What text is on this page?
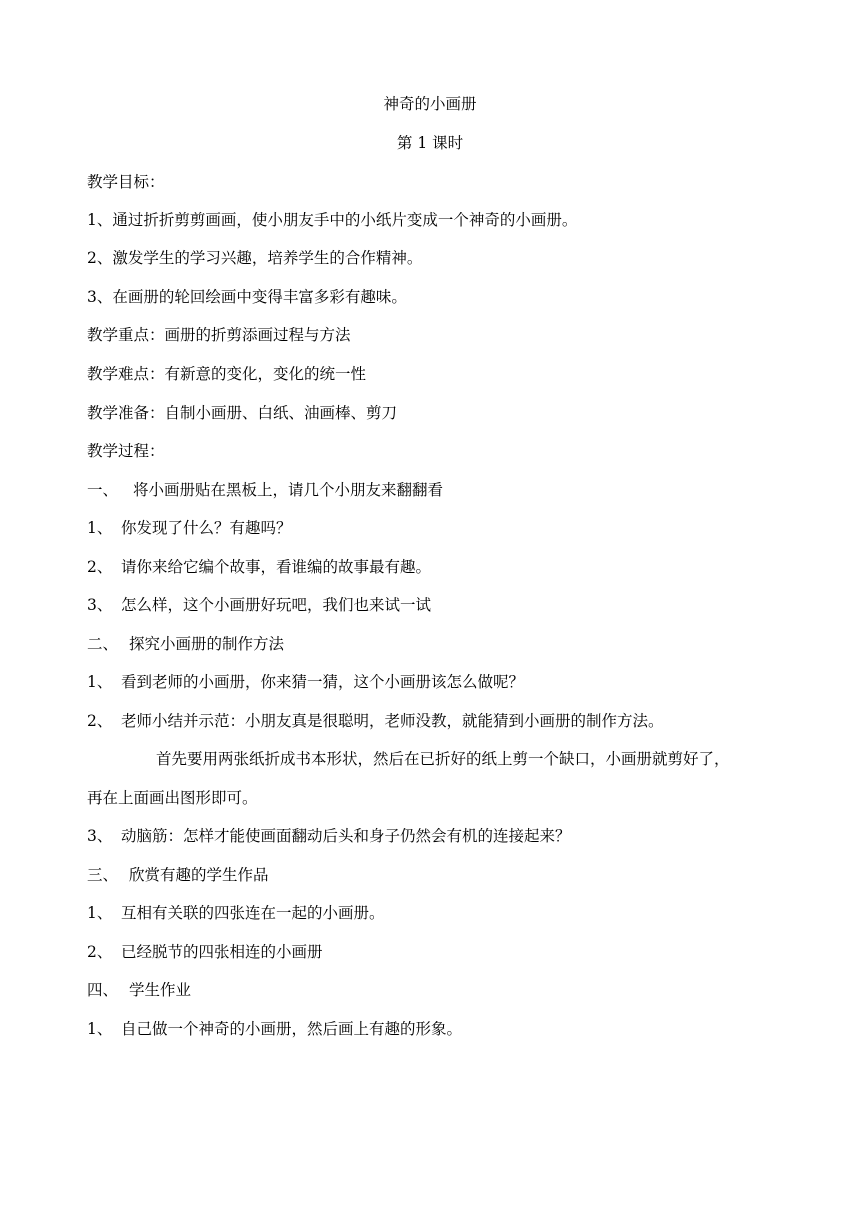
神奇的小画册
第 1 课时
教学目标：
1、通过折折剪剪画画，使小朋友手中的小纸片变成一个神奇的小画册。
2、激发学生的学习兴趣，培养学生的合作精神。
3、在画册的轮回绘画中变得丰富多彩有趣味。
教学重点：画册的折剪添画过程与方法
教学难点：有新意的变化，变化的统一性
教学准备：自制小画册、白纸、油画棒、剪刀
教学过程：
一、 将小画册贴在黑板上，请几个小朋友来翻翻看
1、 你发现了什么？有趣吗？
2、 请你来给它编个故事，看谁编的故事最有趣。
3、 怎么样，这个小画册好玩吧，我们也来试一试
二、 探究小画册的制作方法
1、 看到老师的小画册，你来猜一猜，这个小画册该怎么做呢？
2、 老师小结并示范：小朋友真是很聪明，老师没教，就能猜到小画册的制作方法。
首先要用两张纸折成书本形状，然后在已折好的纸上剪一个缺口，小画册就剪好了，
再在上面画出图形即可。
3、 动脑筋：怎样才能使画面翻动后头和身子仍然会有机的连接起来？
三、 欣赏有趣的学生作品
1、 互相有关联的四张连在一起的小画册。
2、 已经脱节的四张相连的小画册
四、 学生作业
1、 自己做一个神奇的小画册，然后画上有趣的形象。
